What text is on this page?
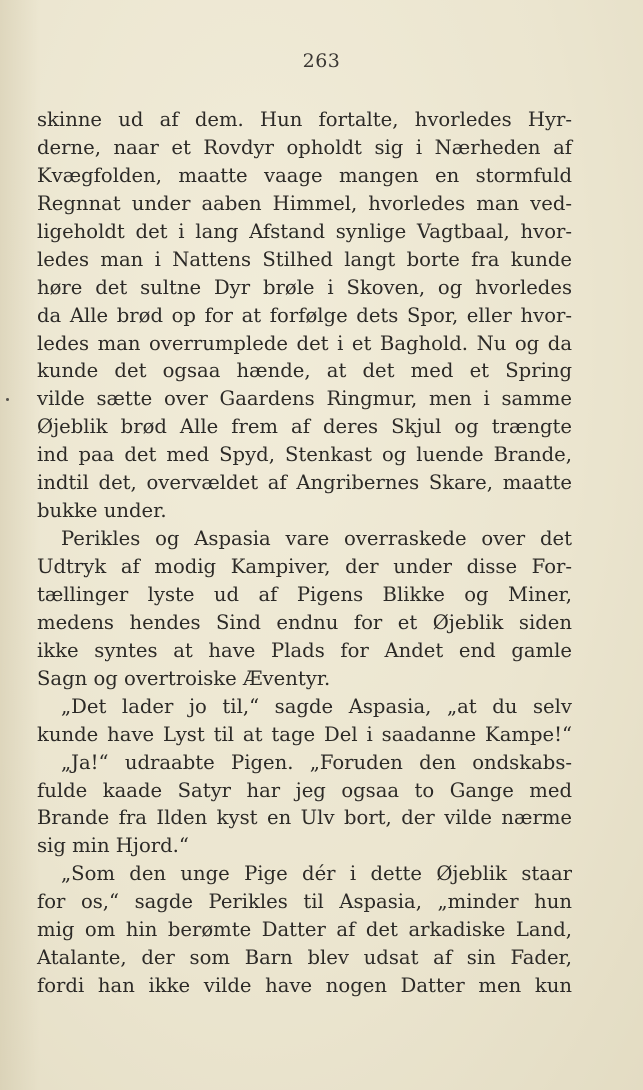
263
skinne ud af dem. Hun fortalte, hvorledes Hyr-
derne, naar et Rovdyr opholdt sig i Nærheden af
Kvægfolden, maatte vaage mangen en stormfuld
Regnnat under aaben Himmel, hvorledes man ved-
ligeholdt det i lang Afstand synlige Vagtbaal, hvor-
ledes man i Nattens Stilhed langt borte fra kunde
høre det sultne Dyr brøle i Skoven, og hvorledes
da Alle brød op for at forfølge dets Spor, eller hvor-
ledes man overrumplede det i et Baghold. Nu og da
kunde det ogsaa hænde, at det med et Spring
vilde sætte over Gaardens Ringmur, men i samme
Øjeblik brød Alle frem af deres Skjul og trængte
ind paa det med Spyd, Stenkast og luende Brande,
indtil det, overvældet af Angribernes Skare, maatte
bukke under.
Perikles og Aspasia vare overraskede over det
Udtryk af modig Kampiver, der under disse For-
tællinger lyste ud af Pigens Blikke og Miner,
medens hendes Sind endnu for et Øjeblik siden
ikke syntes at have Plads for Andet end gamle
Sagn og overtroiske Æventyr.
„Det lader jo til,“ sagde Aspasia, „at du selv
kunde have Lyst til at tage Del i saadanne Kampe!“
„Ja!“ udraabte Pigen. „Foruden den ondskabs-
fulde kaade Satyr har jeg ogsaa to Gange med
Brande fra Ilden kyst en Ulv bort, der vilde nærme
sig min Hjord.“
„Som den unge Pige dér i dette Øjeblik staar
for os,“ sagde Perikles til Aspasia, „minder hun
mig om hin berømte Datter af det arkadiske Land,
Atalante, der som Barn blev udsat af sin Fader,
fordi han ikke vilde have nogen Datter men kun
